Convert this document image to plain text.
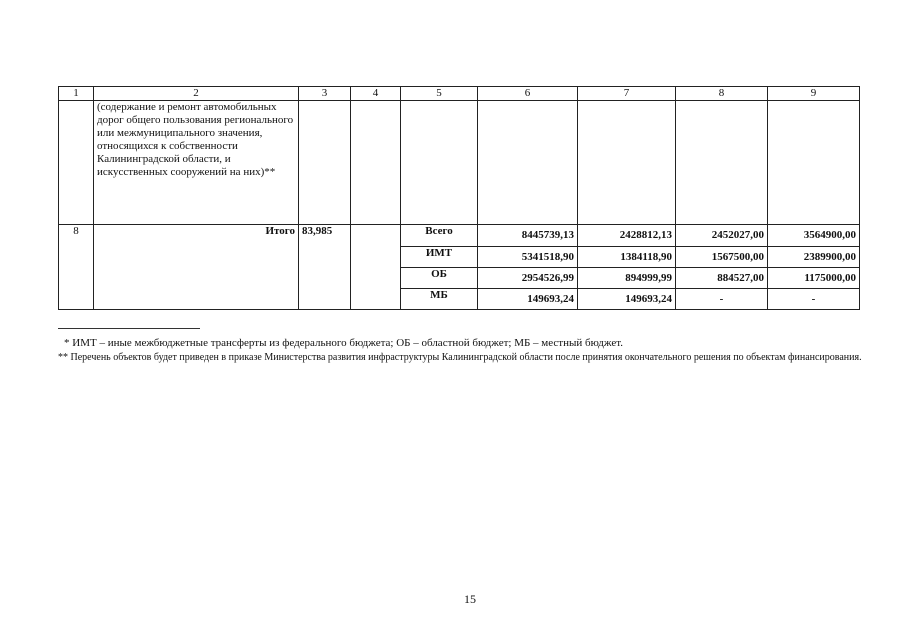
1	2	3	4	5	6	7	8	9
	(содержание и ремонт автомобильных дорог общего пользования регионального или межмуниципального значения, относящихся к собственности Калининградской области, и искусственных сооружений на них)**							
8	Итого	83,985		Всего	8445739,13	2428812,13	2452027,00	3564900,00
				ИМТ	5341518,90	1384118,90	1567500,00	2389900,00
				ОБ	2954526,99	894999,99	884527,00	1175000,00
				МБ	149693,24	149693,24	-	-
* ИМТ – иные межбюджетные трансферты из федерального бюджета; ОБ – областной бюджет; МБ – местный бюджет.
** Перечень объектов будет приведен в приказе Министерства развития инфраструктуры Калининградской области после принятия окончательного решения по объектам финансирования.
15
